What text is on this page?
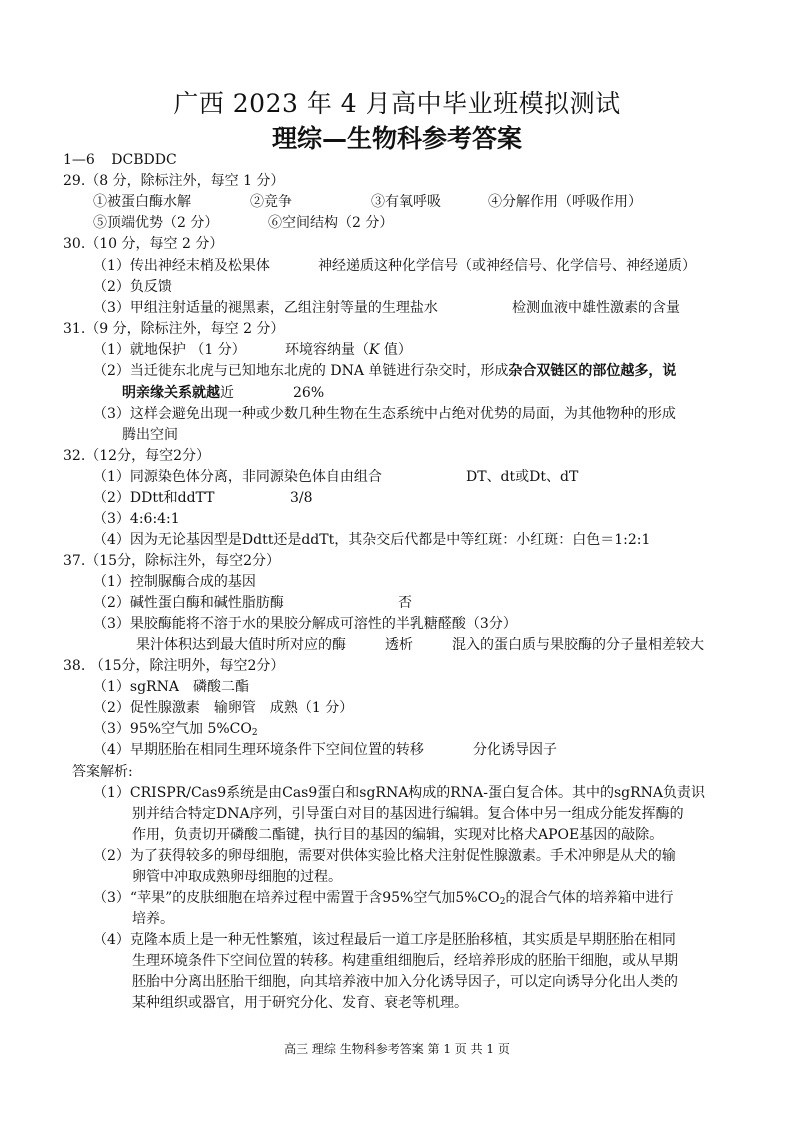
广西 2023 年 4 月高中毕业班模拟测试
理综—生物科参考答案
1—6 DCBDDC
29.（8 分，除标注外，每空 1 分）
①被蛋白酶水解	②竞争	③有氧呼吸	④分解作用（呼吸作用）
⑤顶端优势（2 分）	⑥空间结构（2 分）
30.（10 分，每空 2 分）
（1）传出神经末梢及松果体	神经递质这种化学信号（或神经信号、化学信号、神经递质）
（2）负反馈
（3）甲组注射适量的褪黑素，乙组注射等量的生理盐水	检测血液中雄性激素的含量
31.（9 分，除标注外，每空 2 分）
（1）就地保护 （1 分）	环境容纳量（K 值）
（2）当迁徙东北虎与已知地东北虎的 DNA 单链进行杂交时，形成杂合双链区的部位越多，说
明亲缘关系就越近	26%
（3）这样会避免出现一种或少数几种生物在生态系统中占绝对优势的局面，为其他物种的形成
腾出空间
32.（12分，每空2分）
（1）同源染色体分离，非同源染色体自由组合	DT、dt或Dt、dT
（2）DDtt和ddTT	3/8
（3）4:6:4:1
（4）因为无论基因型是Ddtt还是ddTt，其杂交后代都是中等红斑：小红斑：白色＝1:2:1
37.（15分，除标注外，每空2分）
（1）控制脲酶合成的基因
（2）碱性蛋白酶和碱性脂肪酶	否
（3）果胶酶能将不溶于水的果胶分解成可溶性的半乳糖醛酸（3分）
果汁体积达到最大值时所对应的酶	透析	混入的蛋白质与果胶酶的分子量相差较大
38. （15分，除注明外，每空2分）
（1）sgRNA　磷酸二酯
（2）促性腺激素　输卵管　成熟（1 分）
（3）95%空气加 $5\%CO_2$
（4）早期胚胎在相同生理环境条件下空间位置的转移	分化诱导因子
答案解析:
（1）CRISPR/Cas9系统是由Cas9蛋白和sgRNA构成的RNA-蛋白复合体。其中的sgRNA负责识
别并结合特定DNA序列，引导蛋白对目的基因进行编辑。复合体中另一组成分能发挥酶的
作用，负责切开磷酸二酯键，执行目的基因的编辑，实现对比格犬APOE基因的敲除。
（2）为了获得较多的卵母细胞，需要对供体实验比格犬注射促性腺激素。手术冲卵是从犬的输
卵管中冲取成熟卵母细胞的过程。
（3）“苹果”的皮肤细胞在培养过程中需置于含95%空气加$5\%CO_2$的混合气体的培养箱中进行
培养。
（4）克隆本质上是一种无性繁殖，该过程最后一道工序是胚胎移植，其实质是早期胚胎在相同
生理环境条件下空间位置的转移。构建重组细胞后，经培养形成的胚胎干细胞，或从早期
胚胎中分离出胚胎干细胞，向其培养液中加入分化诱导因子，可以定向诱导分化出人类的
某种组织或器官，用于研究分化、发育、衰老等机理。
高三 理综 生物科参考答案 第 1 页 共 1 页
